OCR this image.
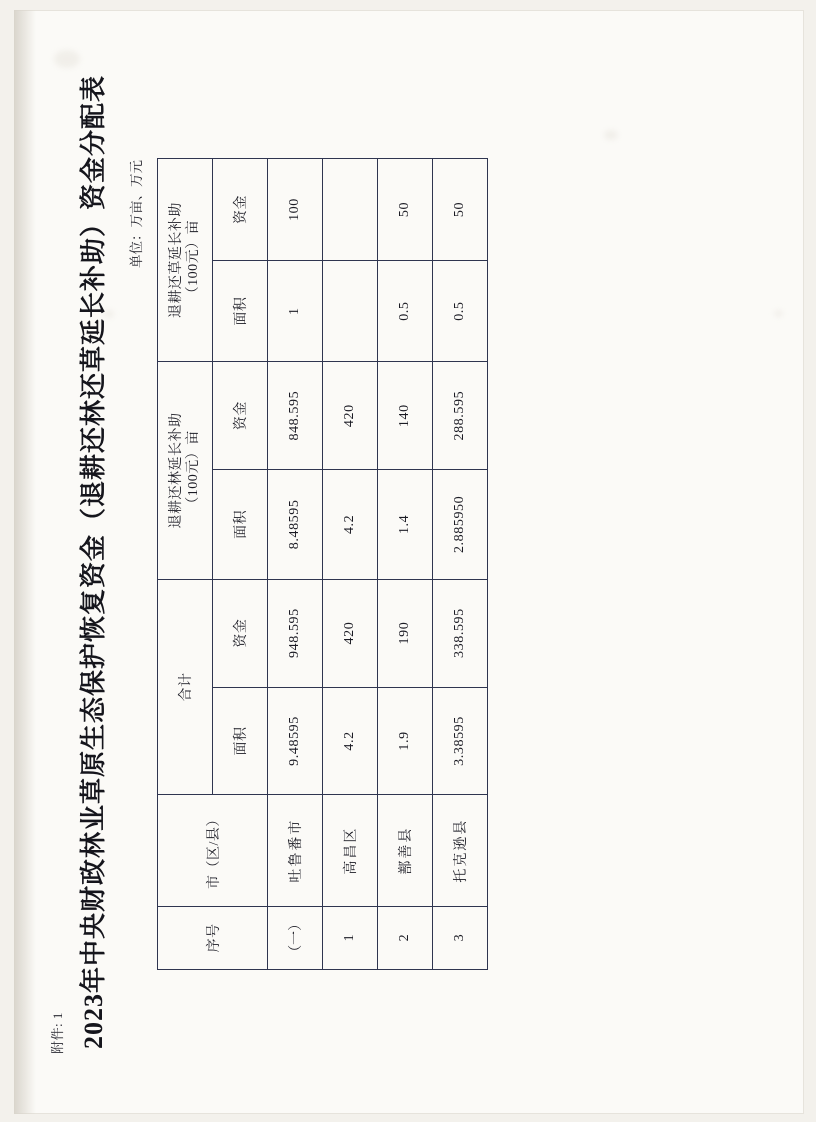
附件: 1 2023年中央财政林业草原生态保护恢复资金（退耕还林还草延长补助）资金分配表 单位：万亩、万元
序号	市（区/县）	合计	
退耕还林延长补助 （100元）亩

退耕还草延长补助 （100元）亩

		面积	资金	面积	资金	面积	资金
（一）	吐鲁番市	9.48595	948.595	8.48595	848.595	1	100
1	高昌区	4.2	420	4.2	420		
2	鄯善县	1.9	190	1.4	140	0.5	50
3	托克逊县	3.38595	338.595	2.885950	288.595	0.5	50
